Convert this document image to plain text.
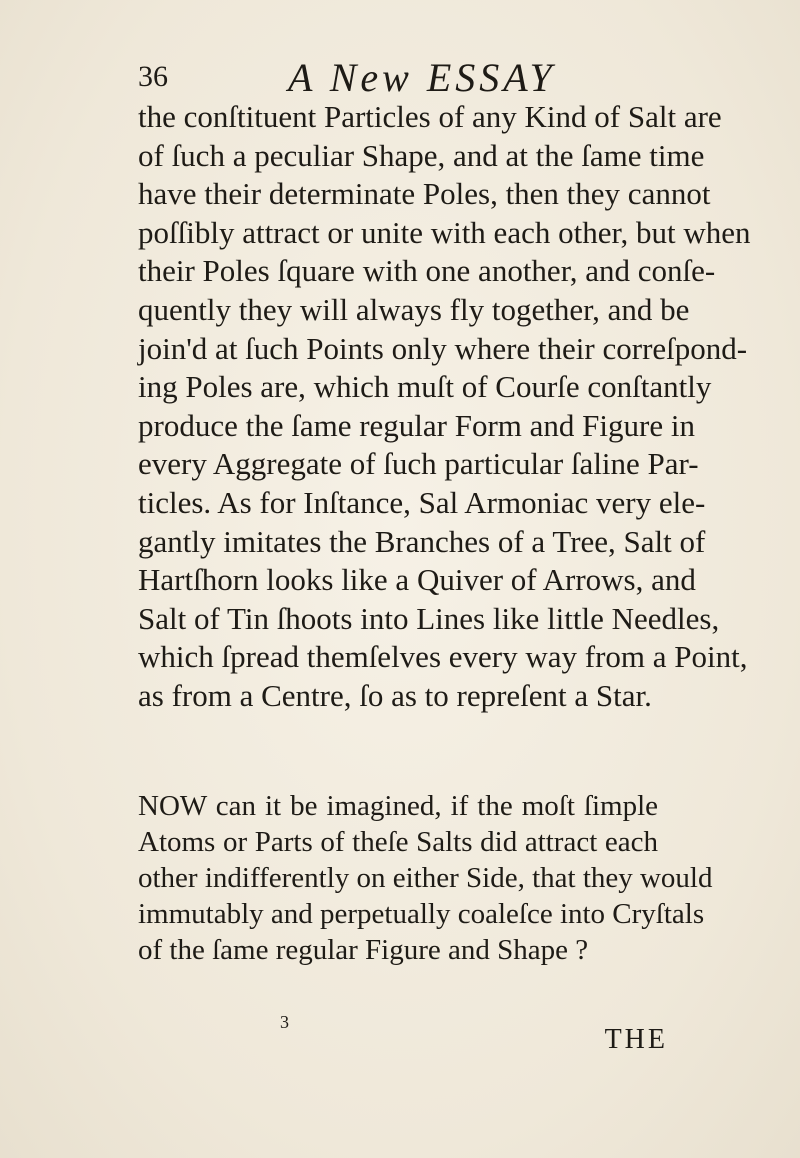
36	A New ESSAY
the conſtituent Particles of any Kind of Salt are
of ſuch a peculiar Shape, and at the ſame time
have their determinate Poles, then they cannot
poſſibly attract or unite with each other, but when
their Poles ſquare with one another, and conſe-
quently they will always fly together, and be
join'd at ſuch Points only where their correſpond-
ing Poles are, which muſt of Courſe conſtantly
produce the ſame regular Form and Figure in
every Aggregate of ſuch particular ſaline Par-
ticles. As for Inſtance, Sal Armoniac very ele-
gantly imitates the Branches of a Tree, Salt of
Hartſhorn looks like a Quiver of Arrows, and
Salt of Tin ſhoots into Lines like little Needles,
which ſpread themſelves every way from a Point,
as from a Centre, ſo as to repreſent a Star.
NOW can it be imagined, if the moſt ſimple
Atoms or Parts of theſe Salts did attract each
other indifferently on either Side, that they would
immutably and perpetually coaleſce into Cryſtals
of the ſame regular Figure and Shape ?
3
THE
